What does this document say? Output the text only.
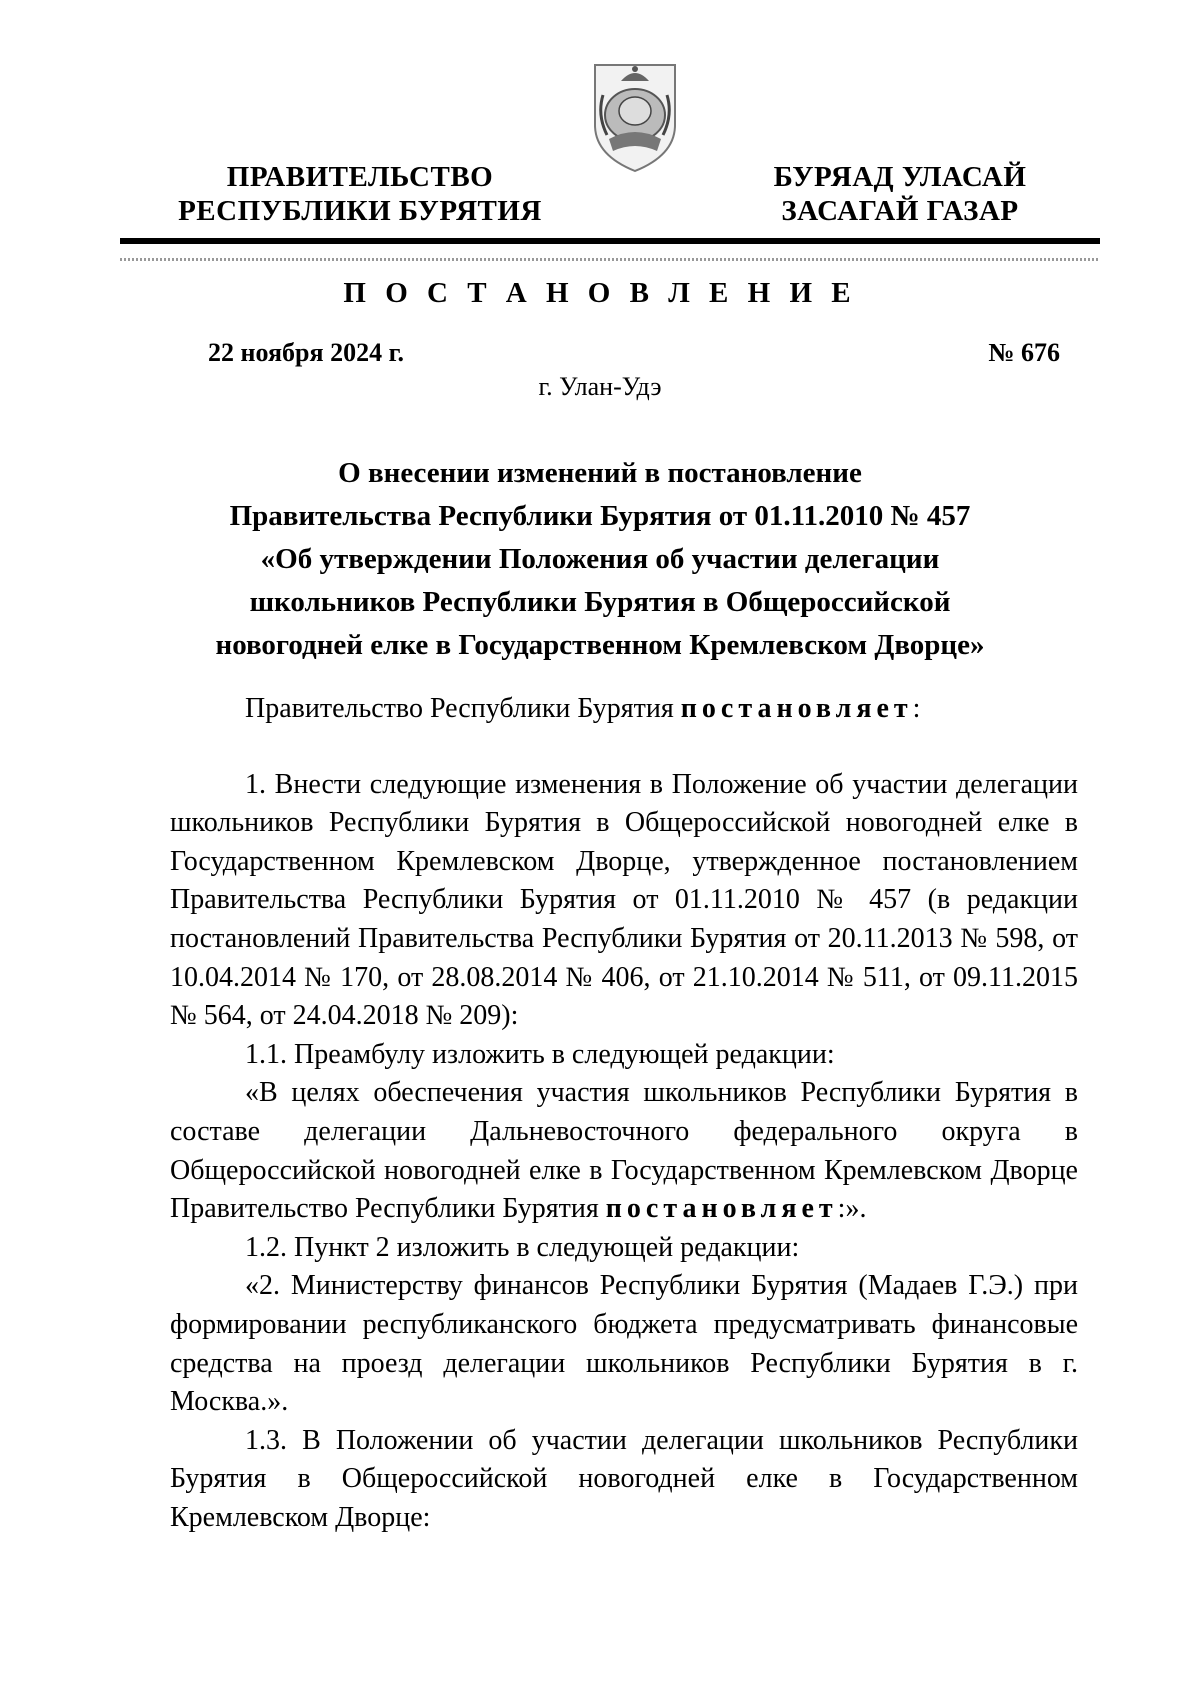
ПРАВИТЕЛЬСТВО
РЕСПУБЛИКИ БУРЯТИЯ
БУРЯАД УЛАСАЙ
ЗАСАГАЙ ГАЗАР
П О С Т А Н О В Л Е Н И Е
22 ноября 2024 г.	№ 676
г. Улан-Удэ
О внесении изменений в постановление
Правительства Республики Бурятия от 01.11.2010 № 457
«Об утверждении Положения об участии делегации
школьников Республики Бурятия в Общероссийской
новогодней елке в Государственном Кремлевском Дворце»

Правительство Республики Бурятия постановляет:

1. Внести следующие изменения в Положение об участии делегации школьников Республики Бурятия в Общероссийской новогодней елке в Государственном Кремлевском Дворце, утвержденное постановлением Правительства Республики Бурятия от 01.11.2010 № 457 (в редакции постановлений Правительства Республики Бурятия от 20.11.2013 № 598, от 10.04.2014 № 170, от 28.08.2014 № 406, от 21.10.2014 № 511, от 09.11.2015 № 564, от 24.04.2018 № 209):

1.1. Преамбулу изложить в следующей редакции:

«В целях обеспечения участия школьников Республики Бурятия в составе делегации Дальневосточного федерального округа в Общероссийской новогодней елке в Государственном Кремлевском Дворце Правительство Республики Бурятия постановляет:».

1.2. Пункт 2 изложить в следующей редакции:

«2. Министерству финансов Республики Бурятия (Мадаев Г.Э.) при формировании республиканского бюджета предусматривать финансовые средства на проезд делегации школьников Республики Бурятия в г. Москва.».

1.3. В Положении об участии делегации школьников Республики Бурятия в Общероссийской новогодней елке в Государственном Кремлевском Дворце:
